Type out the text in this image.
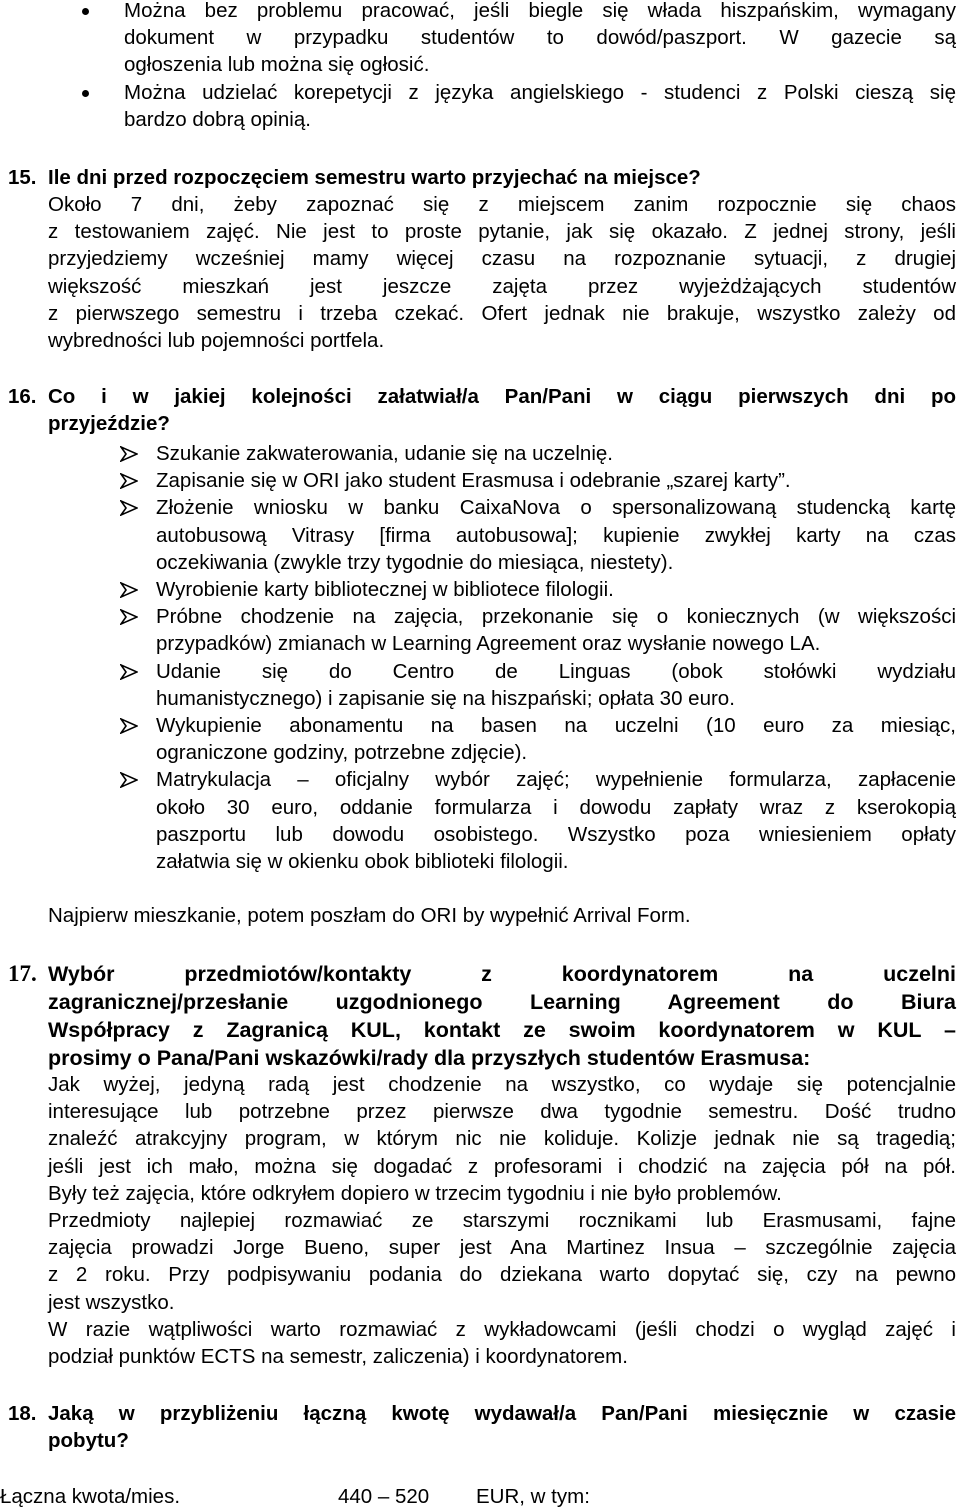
Można bez problemu pracować, jeśli biegle się włada hiszpańskim, wymagany
dokument w przypadku studentów to dowód/paszport. W gazecie są
ogłoszenia lub można się ogłosić.
Można udzielać korepetycji z języka angielskiego - studenci z Polski cieszą się
bardzo dobrą opinią.
15. Ile dni przed rozpoczęciem semestru warto przyjechać na miejsce?
Około 7 dni, żeby zapoznać się z miejscem zanim rozpocznie się chaos
z testowaniem zajęć. Nie jest to proste pytanie, jak się okazało. Z jednej strony, jeśli
przyjedziemy wcześniej mamy więcej czasu na rozpoznanie sytuacji, z drugiej
większość mieszkań jest jeszcze zajęta przez wyjeżdżających studentów
z pierwszego semestru i trzeba czekać. Ofert jednak nie brakuje, wszystko zależy od
wybredności lub pojemności portfela.
16. Co i w jakiej kolejności załatwiał/a Pan/Pani w ciągu pierwszych dni po
przyjeździe?
Szukanie zakwaterowania, udanie się na uczelnię.
Zapisanie się w ORI jako student Erasmusa i odebranie „szarej karty”.
Złożenie wniosku w banku CaixaNova o spersonalizowaną studencką kartę
autobusową Vitrasy [firma autobusowa]; kupienie zwykłej karty na czas
oczekiwania (zwykle trzy tygodnie do miesiąca, niestety).
Wyrobienie karty bibliotecznej w bibliotece filologii.
Próbne chodzenie na zajęcia, przekonanie się o koniecznych (w większości
przypadków) zmianach w Learning Agreement oraz wysłanie nowego LA.
Udanie się do Centro de Linguas (obok stołówki wydziału
humanistycznego) i zapisanie się na hiszpański; opłata 30 euro.
Wykupienie abonamentu na basen na uczelni (10 euro za miesiąc,
ograniczone godziny, potrzebne zdjęcie).
Matrykulacja – oficjalny wybór zajęć; wypełnienie formularza, zapłacenie
około 30 euro, oddanie formularza i dowodu zapłaty wraz z kserokopią
paszportu lub dowodu osobistego. Wszystko poza wniesieniem opłaty
załatwia się w okienku obok biblioteki filologii.
Najpierw mieszkanie, potem poszłam do ORI by wypełnić Arrival Form.
17. Wybór przedmiotów/kontakty z koordynatorem na uczelni
zagranicznej/przesłanie uzgodnionego Learning Agreement do Biura
Współpracy z Zagranicą KUL, kontakt ze swoim koordynatorem w KUL –
prosimy o Pana/Pani wskazówki/rady dla przyszłych studentów Erasmusa:
Jak wyżej, jedyną radą jest chodzenie na wszystko, co wydaje się potencjalnie
interesujące lub potrzebne przez pierwsze dwa tygodnie semestru. Dość trudno
znaleźć atrakcyjny program, w którym nic nie koliduje. Kolizje jednak nie są tragedią;
jeśli jest ich mało, można się dogadać z profesorami i chodzić na zajęcia pół na pół.
Były też zajęcia, które odkryłem dopiero w trzecim tygodniu i nie było problemów.
Przedmioty najlepiej rozmawiać ze starszymi rocznikami lub Erasmusami, fajne
zajęcia prowadzi Jorge Bueno, super jest Ana Martinez Insua – szczególnie zajęcia
z 2 roku. Przy podpisywaniu podania do dziekana warto dopytać się, czy na pewno
jest wszystko.
W razie wątpliwości warto rozmawiać z wykładowcami (jeśli chodzi o wygląd zajęć i
podział punktów ECTS na semestr, zaliczenia) i koordynatorem.
18. Jaką w przybliżeniu łączną kwotę wydawał/a Pan/Pani miesięcznie w czasie
pobytu?
Łączna kwota/mies.	440 – 520 EUR, w tym:
